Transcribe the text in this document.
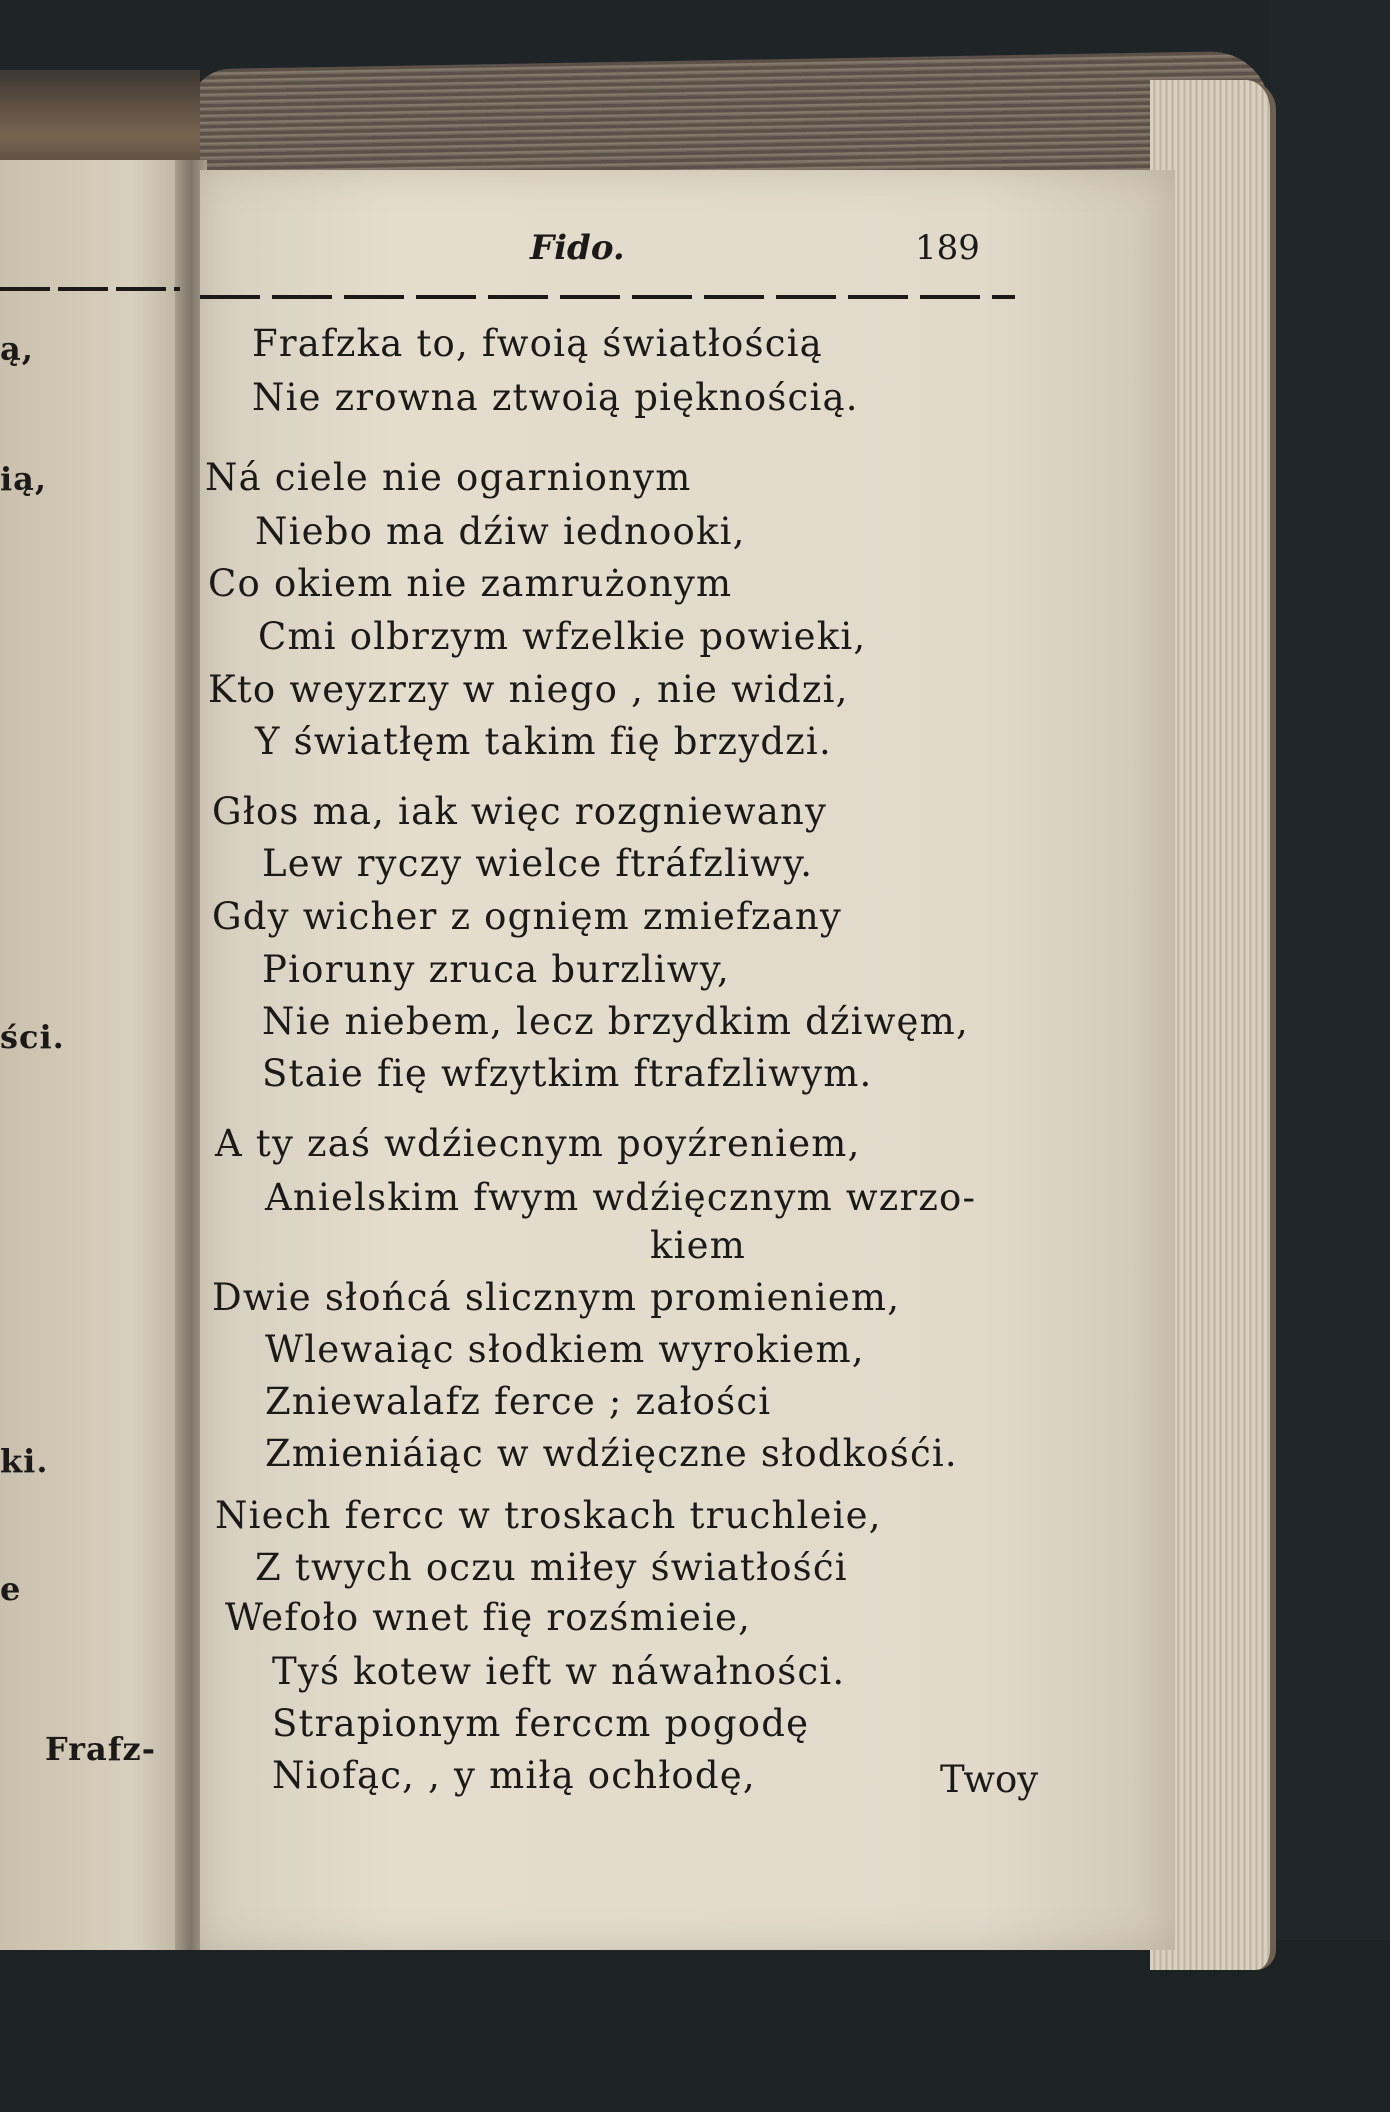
ą,
ią,
ści.
ki.
e
Frafz-
Fido.	189
Frafzka to, fwoią światłością
Nie zrowna ztwoią pięknością.
Ná ciele nie ogarnionym
Niebo ma dźiw iednooki,
Co okiem nie zamrużonym
Cmi olbrzym wfzelkie powieki,
Kto weyzrzy w niego , nie widzi,
Y światłęm takim fię brzydzi.
Głos ma, iak więc rozgniewany
Lew ryczy wielce ftráfzliwy.
Gdy wicher z ognięm zmiefzany
Pioruny zruca burzliwy,
Nie niebem, lecz brzydkim dźiwęm,
Staie fię wfzytkim ftrafzliwym.
A ty zaś wdźiecnym poyźreniem,
Anielskim fwym wdźięcznym wzrzo-
kiem
Dwie słońcá slicznym promieniem,
Wlewaiąc słodkiem wyrokiem,
Zniewalafz ferce ; załości
Zmieniáiąc w wdźięczne słodkośći.
Niech fercc w troskach truchleie,
Z twych oczu miłey światłośći
Wefoło wnet fię rozśmieie,
Tyś kotew ieft w náwałności.
Strapionym ferccm pogodę
Niofąc, , y miłą ochłodę,	Twoy
